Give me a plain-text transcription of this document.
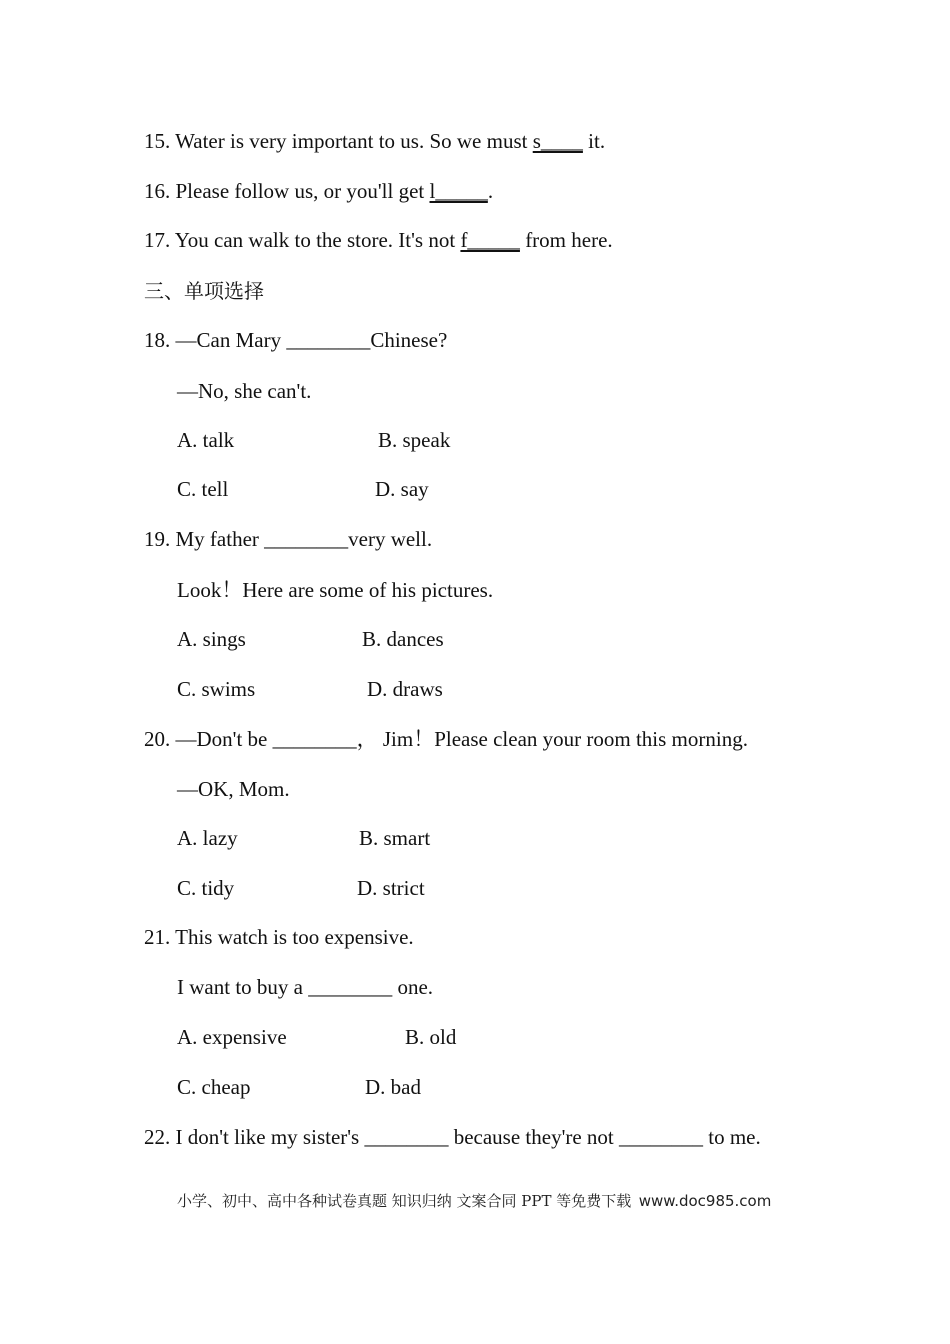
15. Water is very important to us. So we must s____ it.
16. Please follow us, or you'll get l_____.
17. You can walk to the store. It's not f_____ from here.
三、单项选择
18. —Can Mary ________Chinese?
—No, she can't.
A. talk	B. speak
C. tell	D. say
19. My father ________very well.
Look！Here are some of his pictures.
A. sings	B. dances
C. swims	D. draws
20. —Don't be ________， Jim！Please clean your room this morning.
—OK, Mom.
A. lazy	B. smart
C. tidy	D. strict
21. This watch is too expensive.
I want to buy a ________ one.
A. expensive	B. old
C. cheap	D. bad
22. I don't like my sister's ________ because they're not ________ to me.
小学、初中、高中各种试卷真题 知识归纳 文案合同 PPT 等免费下载 www.doc985.com
